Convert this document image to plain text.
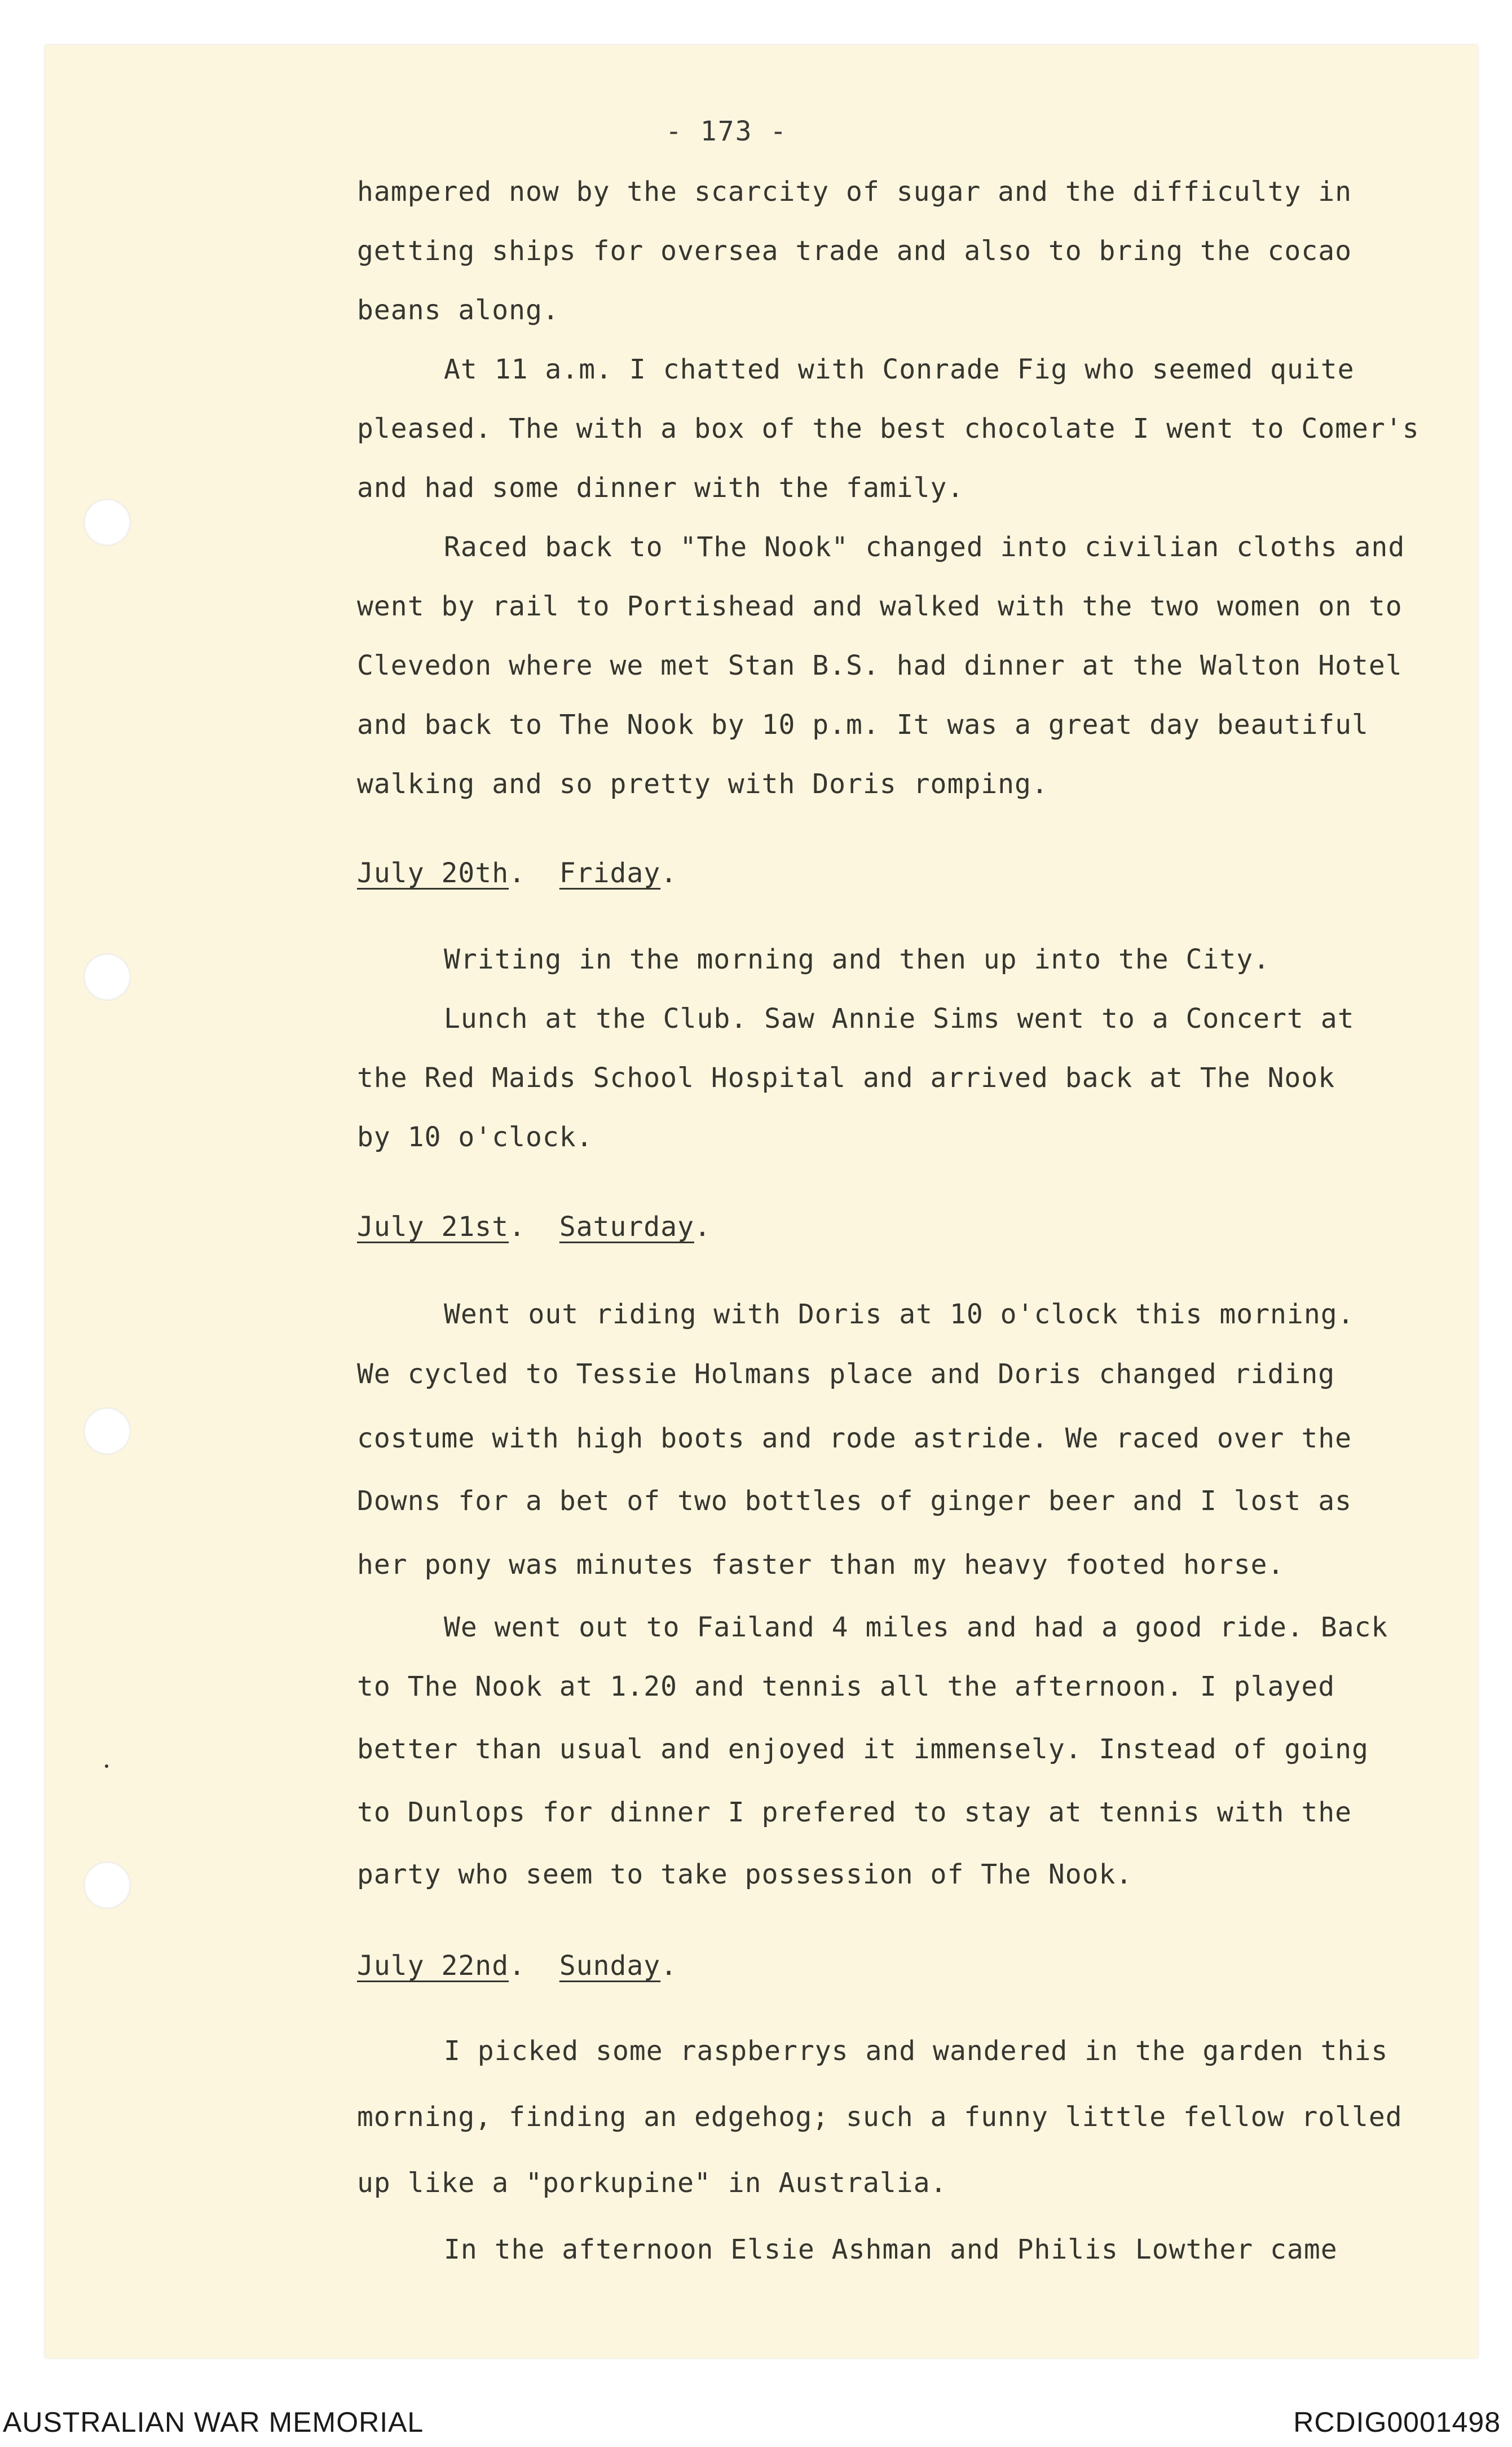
- 173 -
hampered now by the scarcity of sugar and the difficulty in
getting ships for oversea trade and also to bring the cocao
beans along.
At 11 a.m. I chatted with Conrade Fig who seemed quite
pleased. The with a box of the best chocolate I went to Comer's
and had some dinner with the family.
Raced back to "The Nook" changed into civilian cloths and
went by rail to Portishead and walked with the two women on to
Clevedon where we met Stan B.S. had dinner at the Walton Hotel
and back to The Nook by 10 p.m. It was a great day beautiful
walking and so pretty with Doris romping.
July 20th.  Friday.
Writing in the morning and then up into the City.
Lunch at the Club. Saw Annie Sims went to a Concert at
the Red Maids School Hospital and arrived back at The Nook
by 10 o'clock.
July 21st.  Saturday.
Went out riding with Doris at 10 o'clock this morning.
We cycled to Tessie Holmans place and Doris changed riding
costume with high boots and rode astride. We raced over the
Downs for a bet of two bottles of ginger beer and I lost as
her pony was minutes faster than my heavy footed horse.
We went out to Failand 4 miles and had a good ride. Back
to The Nook at 1.20 and tennis all the afternoon. I played
better than usual and enjoyed it immensely. Instead of going
to Dunlops for dinner I prefered to stay at tennis with the
party who seem to take possession of The Nook.
July 22nd.  Sunday.
I picked some raspberrys and wandered in the garden this
morning, finding an edgehog; such a funny little fellow rolled
up like a "porkupine" in Australia.
In the afternoon Elsie Ashman and Philis Lowther came
AUSTRALIAN WAR MEMORIAL	RCDIG0001498
